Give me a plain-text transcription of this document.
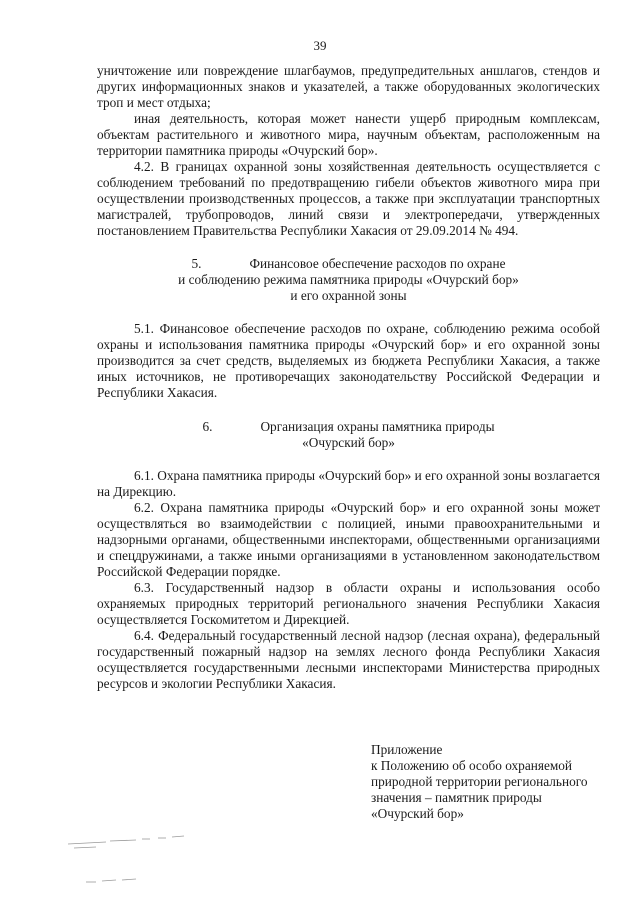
39

уничтожение или повреждение шлагбаумов, предупредительных аншлагов, стендов и других информационных знаков и указателей, а также оборудованных экологических троп и мест отдыха;

иная деятельность, которая может нанести ущерб природным комплексам, объектам растительного и животного мира, научным объектам, расположенным на территории памятника природы «Очурский бор».

4.2. В границах охранной зоны хозяйственная деятельность осуществляется с соблюдением требований по предотвращению гибели объектов животного мира при осуществлении производственных процессов, а также при эксплуатации транспортных магистралей, трубопроводов, линий связи и электропередачи, утвержденных постановлением Правительства Республики Хакасия от 29.09.2014 № 494.

5.	Финансовое обеспечение расходов по охране
и соблюдению режима памятника природы «Очурский бор»
и его охранной зоны

5.1. Финансовое обеспечение расходов по охране, соблюдению режима особой охраны и использования памятника природы «Очурский бор» и его охранной зоны производится за счет средств, выделяемых из бюджета Республики Хакасия, а также иных источников, не противоречащих законодательству Российской Федерации и Республики Хакасия.

6.	Организация охраны памятника природы
«Очурский бор»

6.1. Охрана памятника природы «Очурский бор» и его охранной зоны возлагается на Дирекцию.

6.2. Охрана памятника природы «Очурский бор» и его охранной зоны может осуществляться во взаимодействии с полицией, иными правоохранительными и надзорными органами, общественными инспекторами, общественными организациями и спецдружинами, а также иными организациями в установленном законодательством Российской Федерации порядке.

6.3. Государственный надзор в области охраны и использования особо охраняемых природных территорий регионального значения Республики Хакасия осуществляется Госкомитетом и Дирекцией.

6.4. Федеральный государственный лесной надзор (лесная охрана), федеральный государственный пожарный надзор на землях лесного фонда Республики Хакасия осуществляется государственными лесными инспекторами Министерства природных ресурсов и экологии Республики Хакасия.

Приложение
к Положению об особо охраняемой
природной территории регионального
значения – памятник природы
«Очурский бор»
